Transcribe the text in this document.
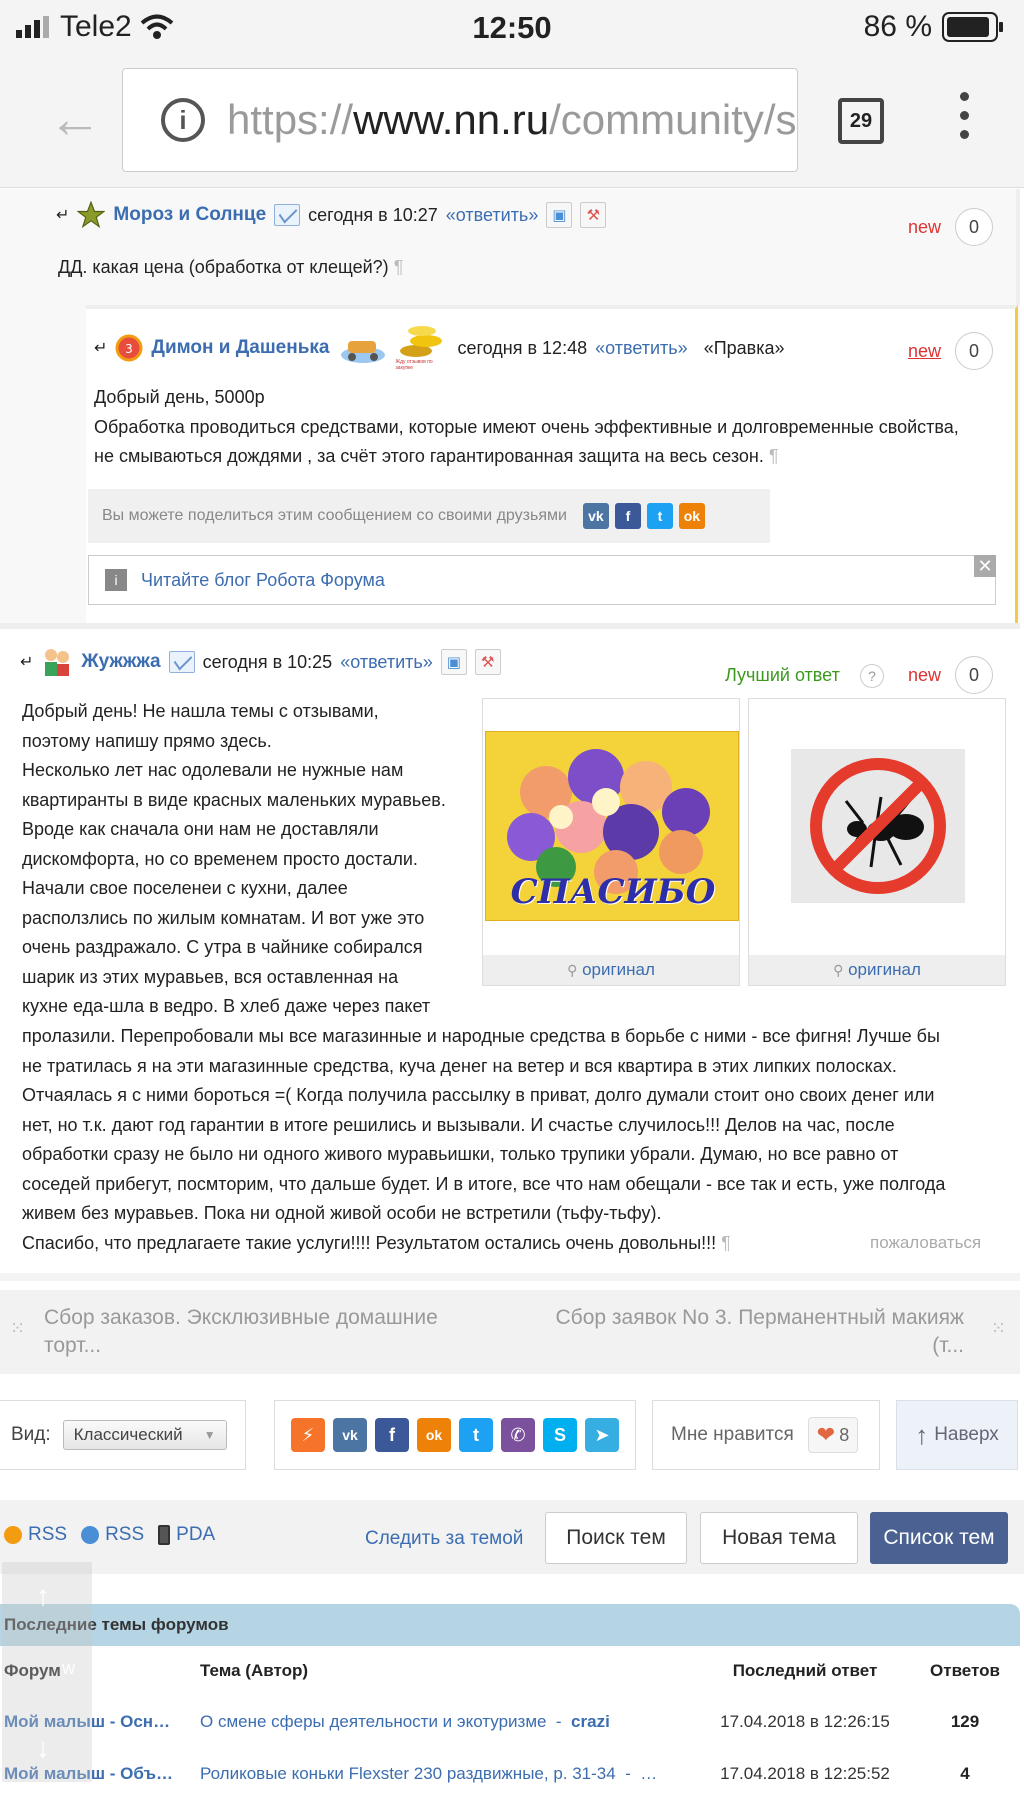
Tele2	12:50	86 %
←	i https://www.nn.ru/community/s	29
↵ Мороз и Солнце сегодня в 10:27 «ответить» ▣	⚒
new	0
ДД. какая цена (обработка от клещей?) ¶
↵ 3 Димон и Дашенька
Жду отзывов по закупке
сегодня в 12:48 «ответить» «Правка»	new	0
Добрый день, 5000р
Обработка проводиться средствами, которые имеют очень эффективные и долговременные свойства, не смываються дождями , за счёт этого гарантированная защита на весь сезон. ¶
Вы можете поделиться этим сообщением со своими друзьями	vk	f	t	ok
i	Читайте блог Робота Форума
✕
↵	Жужжжа сегодня в 10:25 «ответить» ▣	⚒
Лучший ответ	?	new	0
Добрый день! Не нашла темы с отзывами,
поэтому напишу прямо здесь.
Несколько лет нас одолевали не нужные нам
квартиранты в виде красных маленьких муравьев.
Вроде как сначала они нам не доставляли
дискомфорта, но со временем просто достали.
Начали свое поселенеи с кухни, далее
расползлись по жилым комнатам. И вот уже это
очень раздражало. С утра в чайнике собирался
шарик из этих муравьев, вся оставленная на
кухне еда-шла в ведро. В хлеб даже через пакет
СПАСИБО
⚲ оригинал	⚲ оригинал
пролазили. Перепробовали мы все магазинные и народные средства в борьбе с ними - все фигня! Лучше бы
не тратилась я на эти магазинные средства, куча денег на ветер и вся квартира в этих липких полосках.
Отчаялась я с ними бороться =( Когда получила рассылку в приват, долго думали стоит оно своих денег или
нет, но т.к. дают год гарантии в итоге решились и вызывали. И счастье случилось!!! Делов на час, после
обработки сразу не было ни одного живого муравьишки, только трупики убрали. Думаю, но все равно от
соседей прибегут, посмторим, что дальше будет. И в итоге, все что нам обещали - все так и есть, уже полгода
живем без муравьев. Пока ни одной живой особи не встретили (тьфу-тьфу).
Спасибо, что предлагаете такие услуги!!!! Результатом остались очень довольны!!! ¶	пожаловаться
⁙ Сбор заказов. Эксклюзивные домашние
торт...
Сбор заявок No 3. Перманентный макияж
(т...
⁙
Вид: Классический ▼	⚡	vk	f	ok	t	✆	S	➤	Мне нравится ❤ 8	↑ Наверх
RSS RSS PDA	Следить за темой	Поиск тем	Новая тема	Список тем
Последние темы форумов
Форум	Тема (Автор)	Последний ответ	Ответов
Мой малыш - Осн…	О смене сферы деятельности и экотуризме - crazi	17.04.2018 в 12:26:15	129
Мой малыш - Объ…	Роликовые коньки Flexster 230 раздвижные, р. 31-34 - …	17.04.2018 в 12:25:52	4
↑
w
↓
